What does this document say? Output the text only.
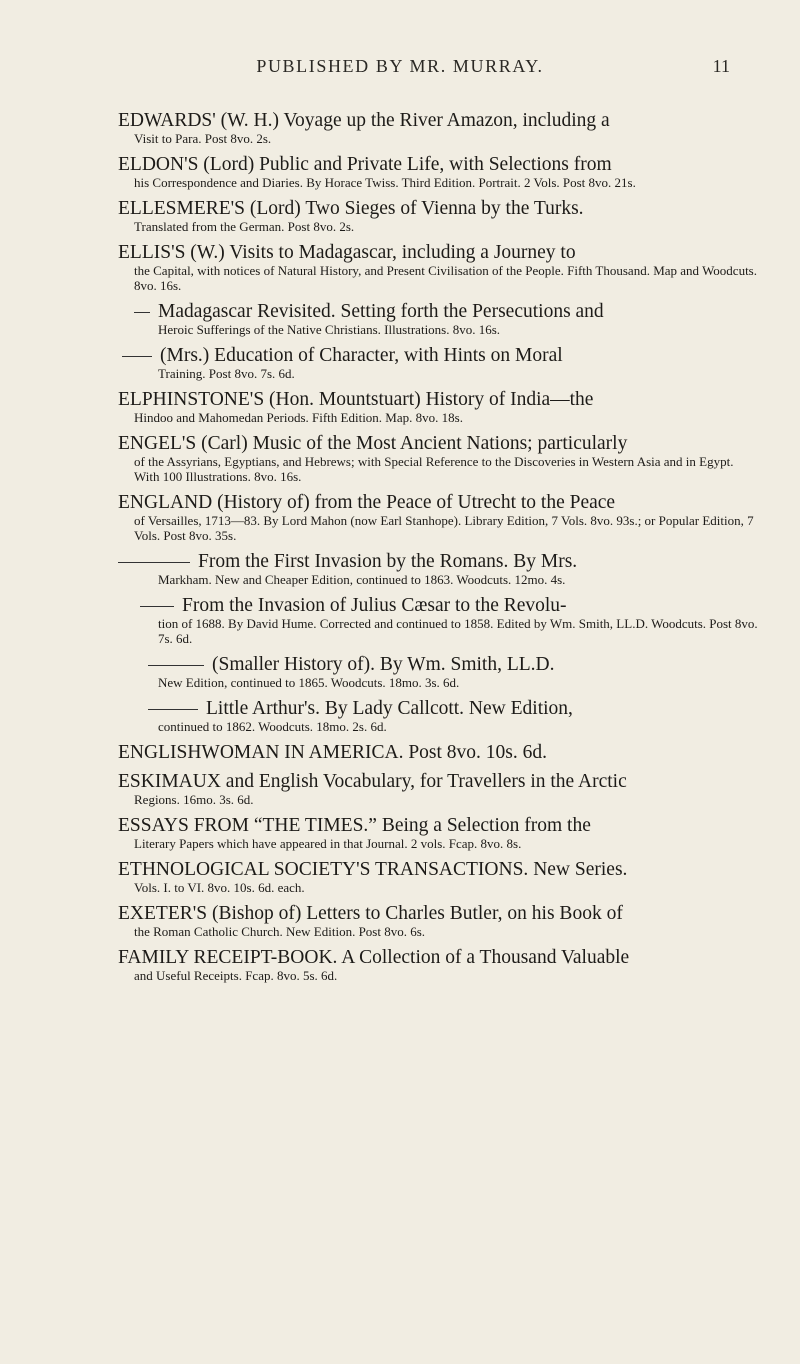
PUBLISHED BY MR. MURRAY.	11

EDWARDS' (W. H.) Voyage up the River Amazon, including a

Visit to Para. Post 8vo. 2s.

ELDON'S (Lord) Public and Private Life, with Selections from

his Correspondence and Diaries. By Horace Twiss. Third Edition. Portrait. 2 Vols. Post 8vo. 21s.

ELLESMERE'S (Lord) Two Sieges of Vienna by the Turks.

Translated from the German. Post 8vo. 2s.

ELLIS'S (W.) Visits to Madagascar, including a Journey to

the Capital, with notices of Natural History, and Present Civilisation of the People. Fifth Thousand. Map and Woodcuts. 8vo. 16s.

Madagascar Revisited. Setting forth the Persecutions and

Heroic Sufferings of the Native Christians. Illustrations. 8vo. 16s.

(Mrs.) Education of Character, with Hints on Moral

Training. Post 8vo. 7s. 6d.

ELPHINSTONE'S (Hon. Mountstuart) History of India—the

Hindoo and Mahomedan Periods. Fifth Edition. Map. 8vo. 18s.

ENGEL'S (Carl) Music of the Most Ancient Nations; particularly

of the Assyrians, Egyptians, and Hebrews; with Special Reference to the Discoveries in Western Asia and in Egypt. With 100 Illustrations. 8vo. 16s.

ENGLAND (History of) from the Peace of Utrecht to the Peace

of Versailles, 1713—83. By Lord Mahon (now Earl Stanhope). Library Edition, 7 Vols. 8vo. 93s.; or Popular Edition, 7 Vols. Post 8vo. 35s.

From the First Invasion by the Romans. By Mrs.

Markham. New and Cheaper Edition, continued to 1863. Woodcuts. 12mo. 4s.

From the Invasion of Julius Cæsar to the Revolu-

tion of 1688. By David Hume. Corrected and continued to 1858. Edited by Wm. Smith, LL.D. Woodcuts. Post 8vo. 7s. 6d.

(Smaller History of). By Wm. Smith, LL.D.

New Edition, continued to 1865. Woodcuts. 18mo. 3s. 6d.

Little Arthur's. By Lady Callcott. New Edition,

continued to 1862. Woodcuts. 18mo. 2s. 6d.

ENGLISHWOMAN IN AMERICA. Post 8vo. 10s. 6d.

ESKIMAUX and English Vocabulary, for Travellers in the Arctic

Regions. 16mo. 3s. 6d.

ESSAYS FROM “THE TIMES.” Being a Selection from the

Literary Papers which have appeared in that Journal. 2 vols. Fcap. 8vo. 8s.

ETHNOLOGICAL SOCIETY'S TRANSACTIONS. New Series.

Vols. I. to VI. 8vo. 10s. 6d. each.

EXETER'S (Bishop of) Letters to Charles Butler, on his Book of

the Roman Catholic Church. New Edition. Post 8vo. 6s.

FAMILY RECEIPT-BOOK. A Collection of a Thousand Valuable

and Useful Receipts. Fcap. 8vo. 5s. 6d.
